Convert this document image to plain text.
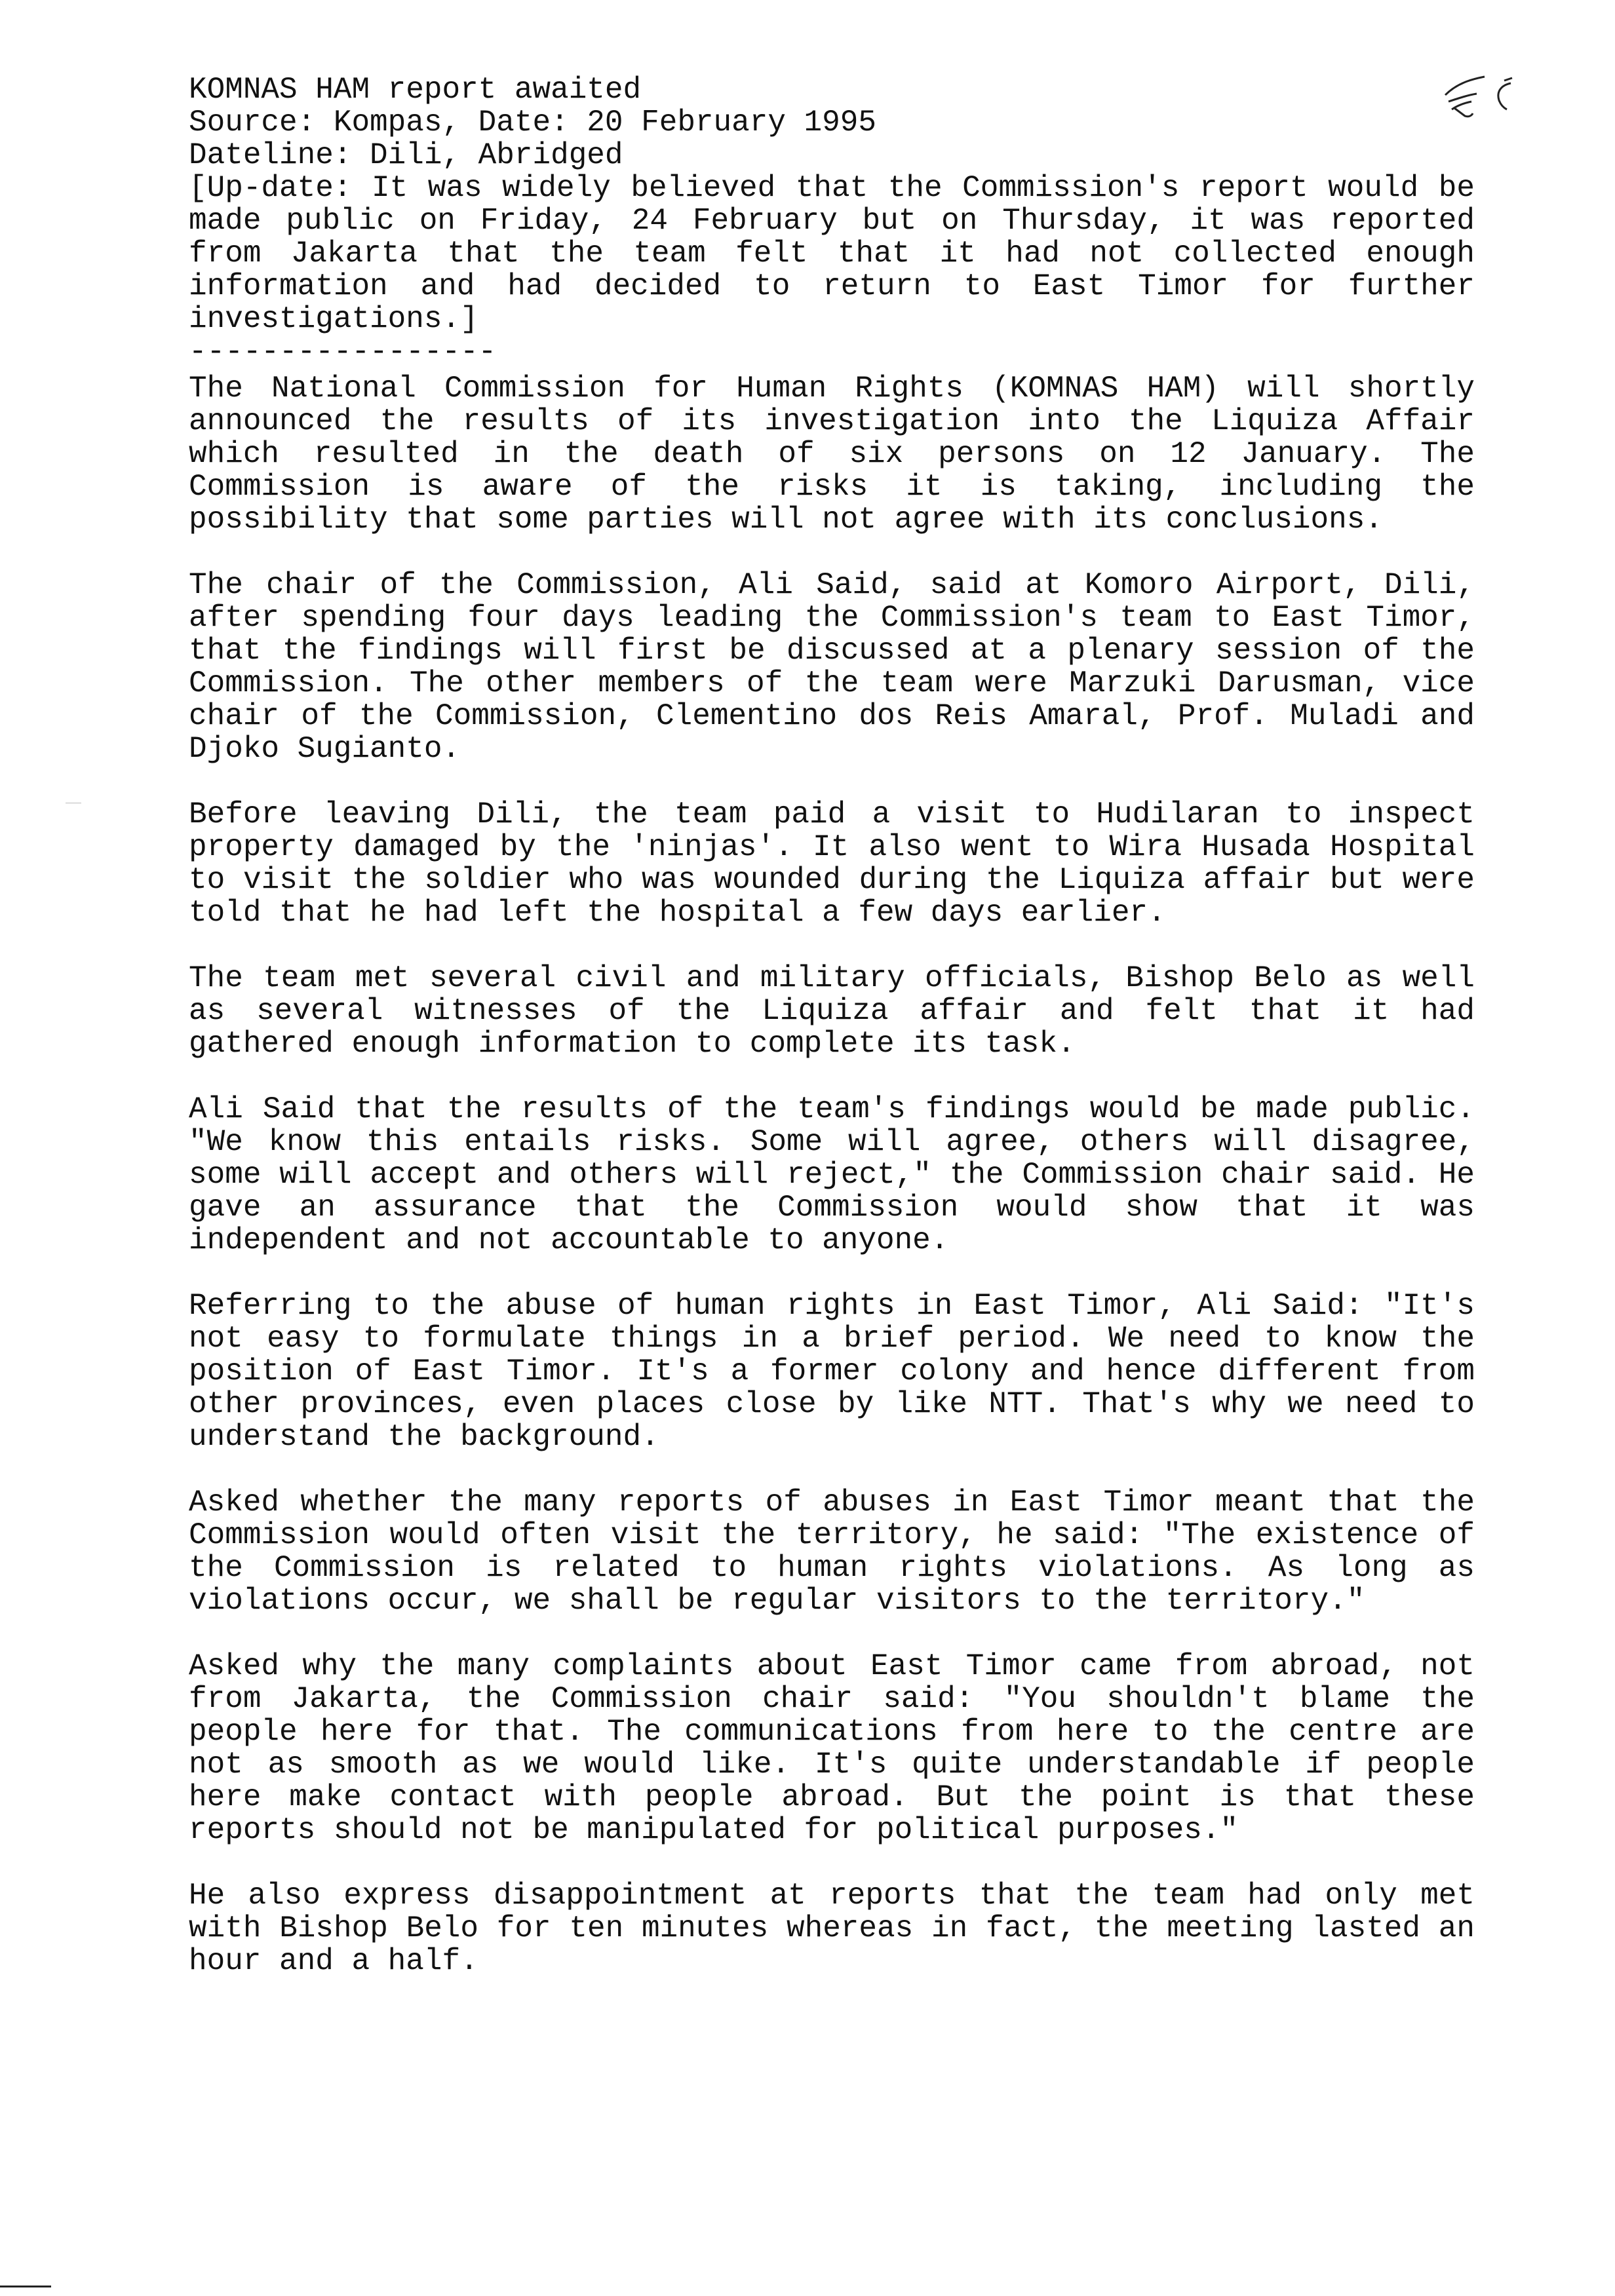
KOMNAS HAM report awaited

Source: Kompas, Date: 20 February 1995

Dateline: Dili, Abridged

[Up-date: It was widely believed that the Commission's report would be made public on Friday, 24 February but on Thursday, it was reported from Jakarta that the team felt that it had not collected enough information and had decided to return to East Timor for further investigations.]

-----------------

The National Commission for Human Rights (KOMNAS HAM) will shortly announced the results of its investigation into the Liquiza Affair which resulted in the death of six persons on 12 January. The Commission is aware of the risks it is taking, including the possibility that some parties will not agree with its conclusions.

The chair of the Commission, Ali Said, said at Komoro Airport, Dili, after spending four days leading the Commission's team to East Timor, that the findings will first be discussed at a plenary session of the Commission. The other members of the team were Marzuki Darusman, vice chair of the Commission, Clementino dos Reis Amaral, Prof. Muladi and Djoko Sugianto.

Before leaving Dili, the team paid a visit to Hudilaran to inspect property damaged by the 'ninjas'. It also went to Wira Husada Hospital to visit the soldier who was wounded during the Liquiza affair but were told that he had left the hospital a few days earlier.

The team met several civil and military officials, Bishop Belo as well as several witnesses of the Liquiza affair and felt that it had gathered enough information to complete its task.

Ali Said that the results of the team's findings would be made public. "We know this entails risks. Some will agree, others will disagree, some will accept and others will reject," the Commission chair said. He gave an assurance that the Commission would show that it was independent and not accountable to anyone.

Referring to the abuse of human rights in East Timor, Ali Said: "It's not easy to formulate things in a brief period. We need to know the position of East Timor. It's a former colony and hence different from other provinces, even places close by like NTT. That's why we need to understand the background.

Asked whether the many reports of abuses in East Timor meant that the Commission would often visit the territory, he said: "The existence of the Commission is related to human rights violations. As long as violations occur, we shall be regular visitors to the territory."

Asked why the many complaints about East Timor came from abroad, not from Jakarta, the Commission chair said: "You shouldn't blame the people here for that. The communications from here to the centre are not as smooth as we would like. It's quite understandable if people here make contact with people abroad. But the point is that these reports should not be manipulated for political purposes."

He also express disappointment at reports that the team had only met with Bishop Belo for ten minutes whereas in fact, the meeting lasted an hour and a half.
